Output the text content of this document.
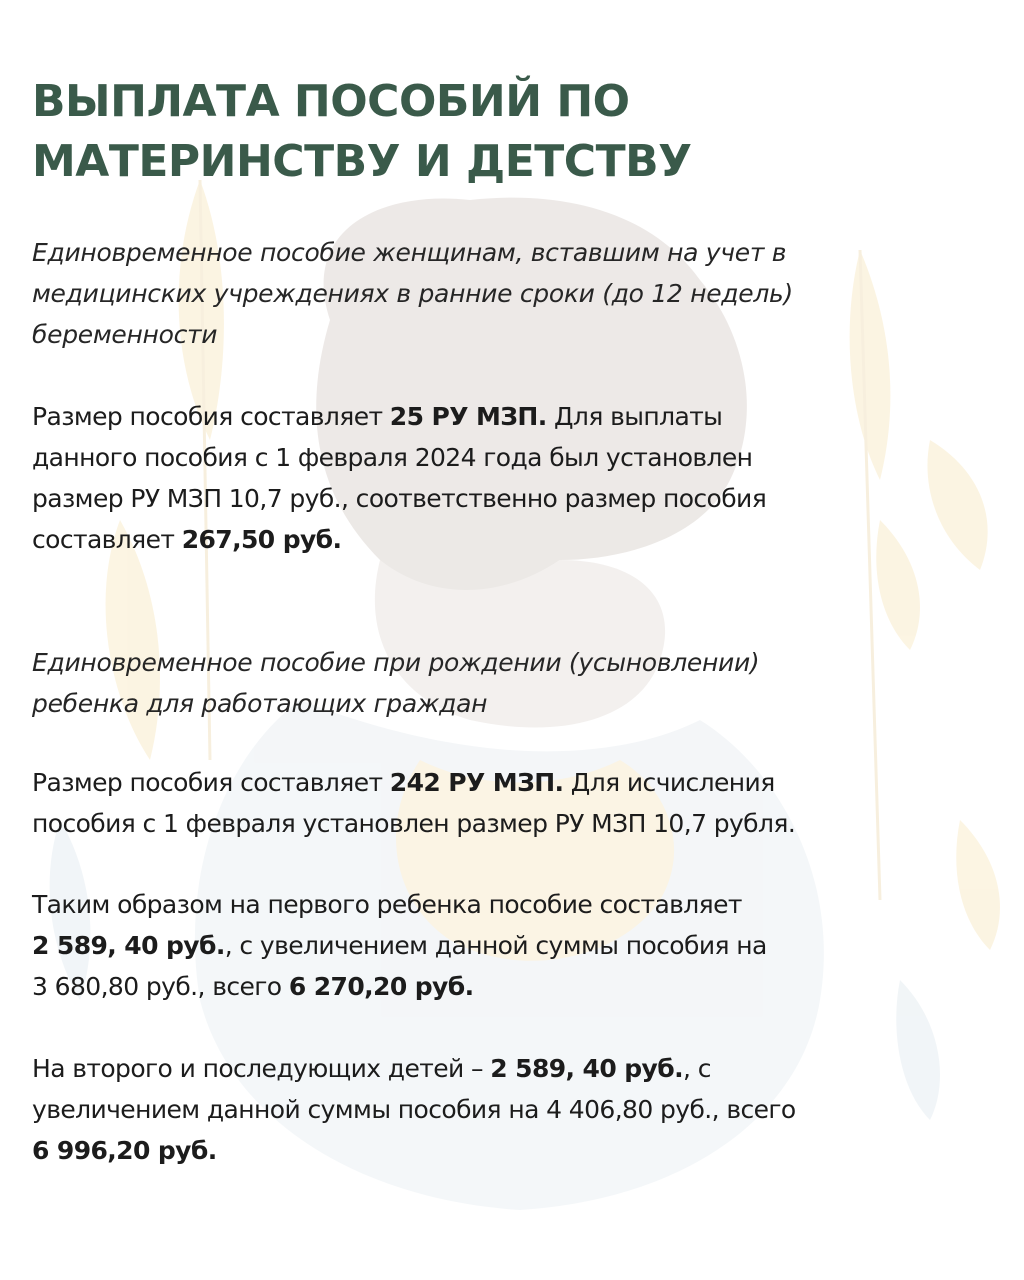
ВЫПЛАТА ПОСОБИЙ ПО
МАТЕРИНСТВУ И ДЕТСТВУ

Единовременное пособие женщинам, вставшим на учет в
медицинских учреждениях в ранние сроки (до 12 недель)
беременности

Размер пособия составляет 25 РУ МЗП. Для выплаты
данного пособия с 1 февраля 2024 года был установлен
размер РУ МЗП 10,7 руб., соответственно размер пособия
составляет 267,50 руб.

Единовременное пособие при рождении (усыновлении)
ребенка для работающих граждан

Размер пособия составляет 242 РУ МЗП. Для исчисления
пособия с 1 февраля установлен размер РУ МЗП 10,7 рубля.

Таким образом на первого ребенка пособие составляет
2 589, 40 руб., с увеличением данной суммы пособия на
3 680,80 руб., всего 6 270,20 руб.

На второго и последующих детей – 2 589, 40 руб., с
увеличением данной суммы пособия на 4 406,80 руб., всего
6 996,20 руб.
